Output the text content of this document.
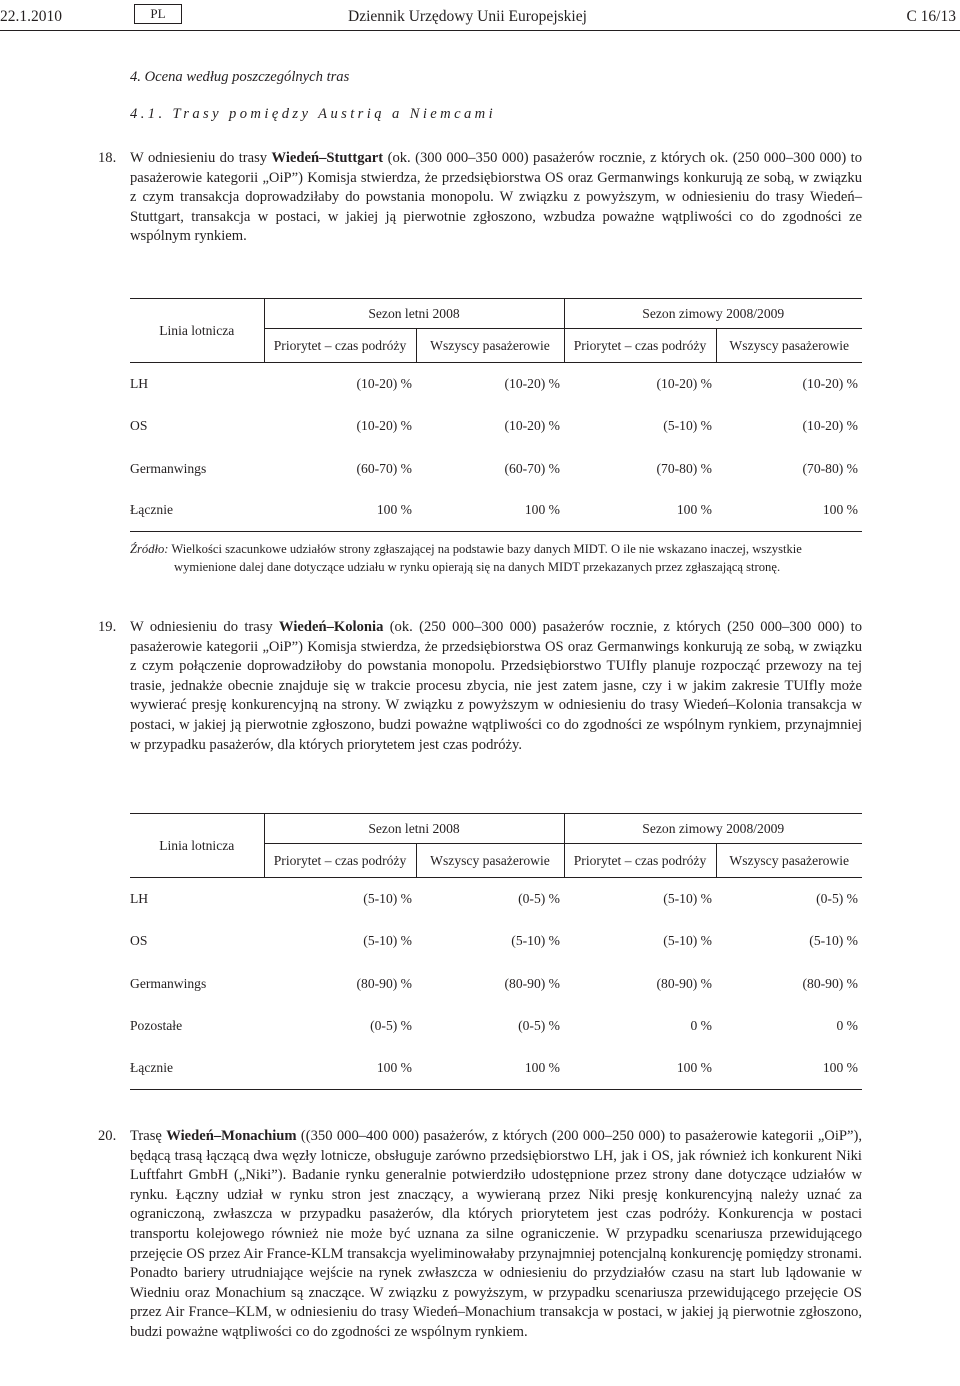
22.1.2010	PL	Dziennik Urzędowy Unii Europejskiej	C 16/13
4. Ocena według poszczególnych tras
4.1. Trasy pomiędzy Austrią a Niemcami
18. W odniesieniu do trasy Wiedeń–Stuttgart (ok. (300 000–350 000) pasażerów rocznie, z których ok. (250 000–300 000) to pasażerowie kategorii „OiP”) Komisja stwierdza, że przedsiębiorstwa OS oraz Germanwings konkurują ze sobą, w związku z czym transakcja doprowadziłaby do powstania monopolu. W związku z powyższym, w odniesieniu do trasy Wiedeń–Stuttgart, transakcja w postaci, w jakiej ją pierwotnie zgłoszono, wzbudza poważne wątpliwości co do zgodności ze wspólnym rynkiem.

Linia lotnicza	Sezon letni 2008		Sezon zimowy 2008/2009	
	Priorytet – czas podróży	Wszyscy pasażerowie	Priorytet – czas podróży	Wszyscy pasażerowie
LH	(10-20) %	(10-20) %	(10-20) %	(10-20) %
OS	(10-20) %	(10-20) %	(5-10) %	(10-20) %
Germanwings	(60-70) %	(60-70) %	(70-80) %	(70-80) %
Łącznie	100 %	100 %	100 %	100 %
Źródło: Wielkości szacunkowe udziałów strony zgłaszającej na podstawie bazy danych MIDT. O ile nie wskazano inaczej, wszystkie
wymienione dalej dane dotyczące udziału w rynku opierają się na danych MIDT przekazanych przez zgłaszającą stronę.
19. W odniesieniu do trasy Wiedeń–Kolonia (ok. (250 000–300 000) pasażerów rocznie, z których (250 000–300 000) to pasażerowie kategorii „OiP”) Komisja stwierdza, że przedsiębiorstwa OS oraz Germanwings konkurują ze sobą, w związku z czym połączenie doprowadziłoby do powstania monopolu. Przedsiębiorstwo TUIfly planuje rozpocząć przewozy na tej trasie, jednakże obecnie znajduje się w trakcie procesu zbycia, nie jest zatem jasne, czy i w jakim zakresie TUIfly może wywierać presję konkurencyjną na strony. W związku z powyższym w odniesieniu do trasy Wiedeń–Kolonia transakcja w postaci, w jakiej ją pierwotnie zgłoszono, budzi poważne wątpliwości co do zgodności ze wspólnym rynkiem, przynajmniej w przypadku pasażerów, dla których priorytetem jest czas podróży.

Linia lotnicza	Sezon letni 2008		Sezon zimowy 2008/2009	
	Priorytet – czas podróży	Wszyscy pasażerowie	Priorytet – czas podróży	Wszyscy pasażerowie
LH	(5-10) %	(0-5) %	(5-10) %	(0-5) %
OS	(5-10) %	(5-10) %	(5-10) %	(5-10) %
Germanwings	(80-90) %	(80-90) %	(80-90) %	(80-90) %
Pozostałe	(0-5) %	(0-5) %	0 %	0 %
Łącznie	100 %	100 %	100 %	100 %
20. Trasę Wiedeń–Monachium ((350 000–400 000) pasażerów, z których (200 000–250 000) to pasażerowie kategorii „OiP”), będącą trasą łączącą dwa węzły lotnicze, obsługuje zarówno przedsiębiorstwo LH, jak i OS, jak również ich konkurent Niki Luftfahrt GmbH („Niki”). Badanie rynku generalnie potwierdziło udostępnione przez strony dane dotyczące udziałów w rynku. Łączny udział w rynku stron jest znaczący, a wywieraną przez Niki presję konkurencyjną należy uznać za ograniczoną, zwłaszcza w przypadku pasażerów, dla których priorytetem jest czas podróży. Konkurencja w postaci transportu kolejowego również nie może być uznana za silne ograniczenie. W przypadku scenariusza przewidującego przejęcie OS przez Air France-KLM transakcja wyeliminowałaby przynajmniej potencjalną konkurencję pomiędzy stronami. Ponadto bariery utrudniające wejście na rynek zwłaszcza w odniesieniu do przydziałów czasu na start lub lądowanie w Wiedniu oraz Monachium są znaczące. W związku z powyższym, w przypadku scenariusza przewidującego przejęcie OS przez Air France–KLM, w odniesieniu do trasy Wiedeń–Monachium transakcja w postaci, w jakiej ją pierwotnie zgłoszono, budzi poważne wątpliwości co do zgodności ze wspólnym rynkiem.
